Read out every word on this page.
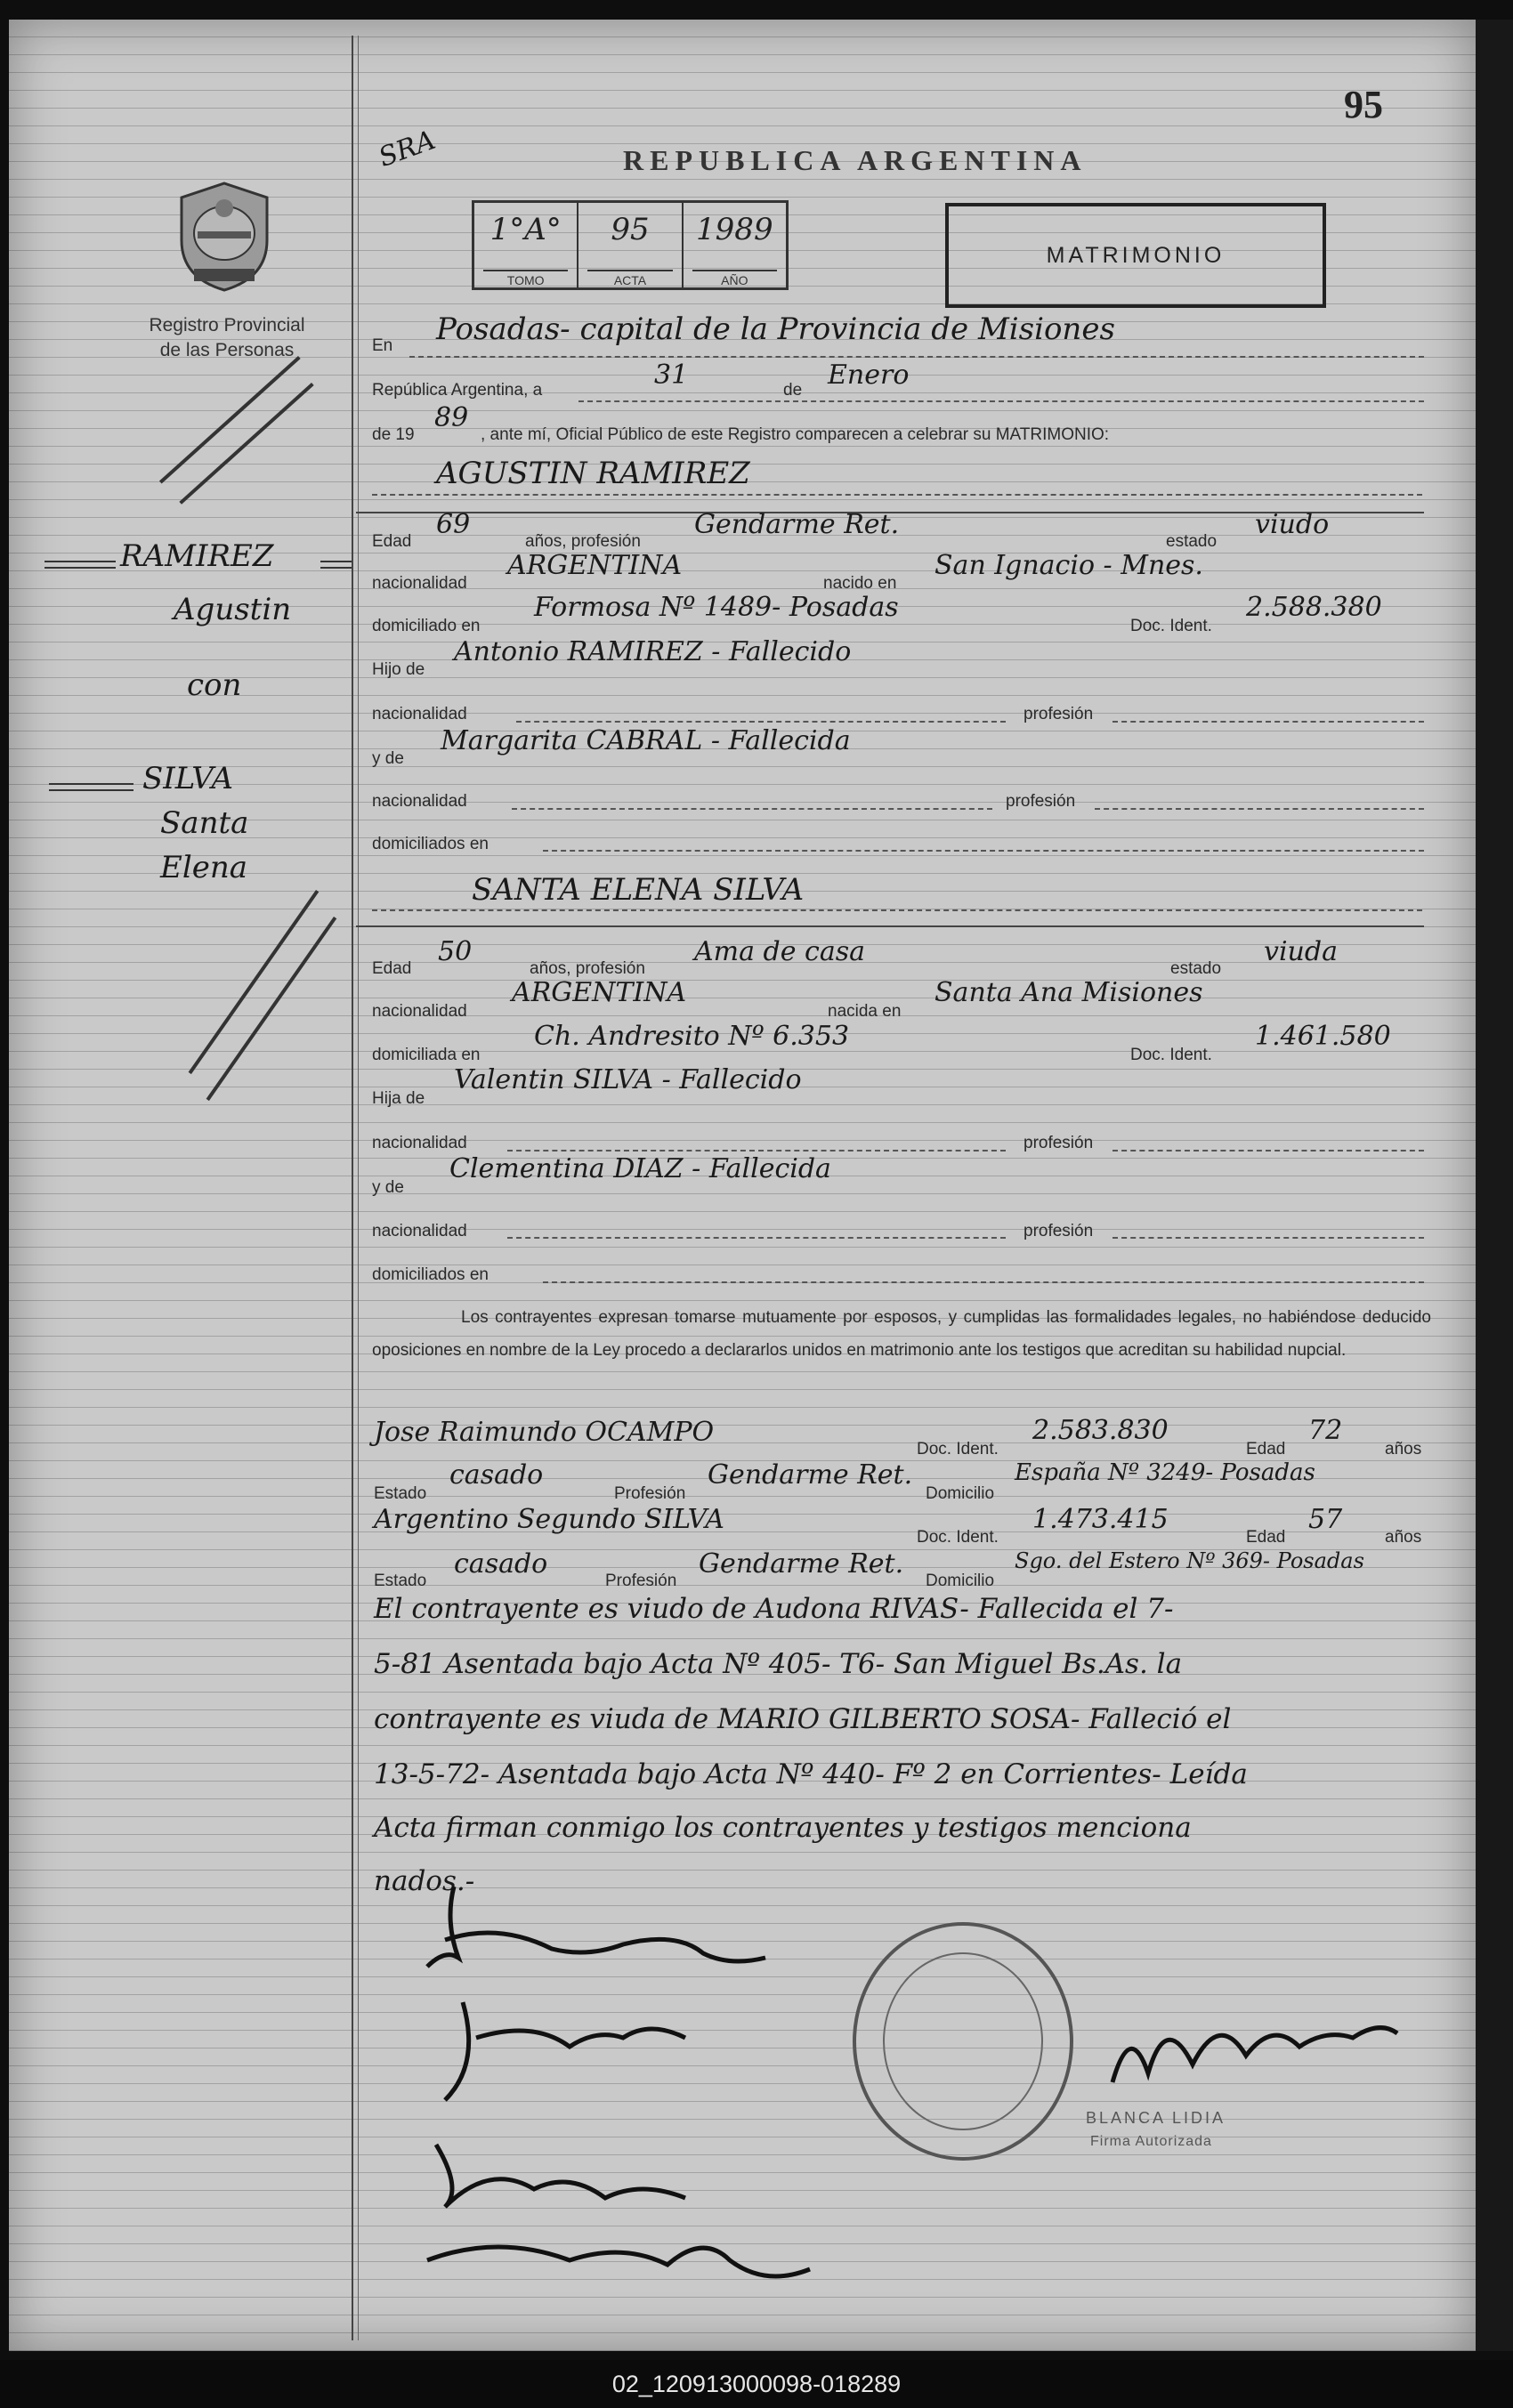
95
SRA	REPUBLICA ARGENTINA
Registro Provincial
de las Personas
1°A°
TOMO
95
ACTA
1989
AÑO
MATRIMONIO
RAMIREZ
Agustin
con
SILVA
Santa
Elena
En Posadas- capital de la Provincia de Misiones
República Argentina, a	31	de Enero
de 19
89
, ante mí, Oficial Público de este Registro comparecen a celebrar su MATRIMONIO:
AGUSTIN RAMIREZ
Edad
69
años, profesión
Gendarme Ret.
estado
viudo
nacionalidad
ARGENTINA
nacido en
San Ignacio - Mnes.
domiciliado en
Formosa Nº 1489- Posadas
Doc. Ident.
2.588.380
Hijo de
Antonio RAMIREZ - Fallecido
nacionalidad	profesión
y de
Margarita CABRAL - Fallecida
nacionalidad	profesión
domiciliados en
SANTA ELENA SILVA
Edad
50
años, profesión
Ama de casa
estado
viuda
nacionalidad
ARGENTINA
nacida en
Santa Ana Misiones
domiciliada en
Ch. Andresito Nº 6.353
Doc. Ident.
1.461.580
Hija de
Valentin SILVA - Fallecido
nacionalidad	profesión
y de
Clementina DIAZ - Fallecida
nacionalidad	profesión
domiciliados en
Los contrayentes expresan tomarse mutuamente por esposos, y cumplidas las formalidades legales, no habiéndose deducido oposiciones en nombre de la Ley procedo a declararlos unidos en matrimonio ante los testigos que acreditan su habilidad nupcial.
Jose Raimundo OCAMPO
Doc. Ident.
2.583.830
Edad
72
años
Estado
casado
Profesión
Gendarme Ret.
Domicilio
España Nº 3249- Posadas
Argentino Segundo SILVA
Doc. Ident.
1.473.415
Edad
57
años
Estado
casado
Profesión
Gendarme Ret.
Domicilio
Sgo. del Estero Nº 369- Posadas
El contrayente es viudo de Audona RIVAS- Fallecida el 7-
5-81 Asentada bajo Acta Nº 405- T6- San Miguel Bs.As. la
contrayente es viuda de MARIO GILBERTO SOSA- Falleció el
13-5-72- Asentada bajo Acta Nº 440- Fº 2 en Corrientes- Leída
Acta firman conmigo los contrayentes y testigos menciona
nados.-
BLANCA LIDIA
Firma Autorizada
02_120913000098-018289
